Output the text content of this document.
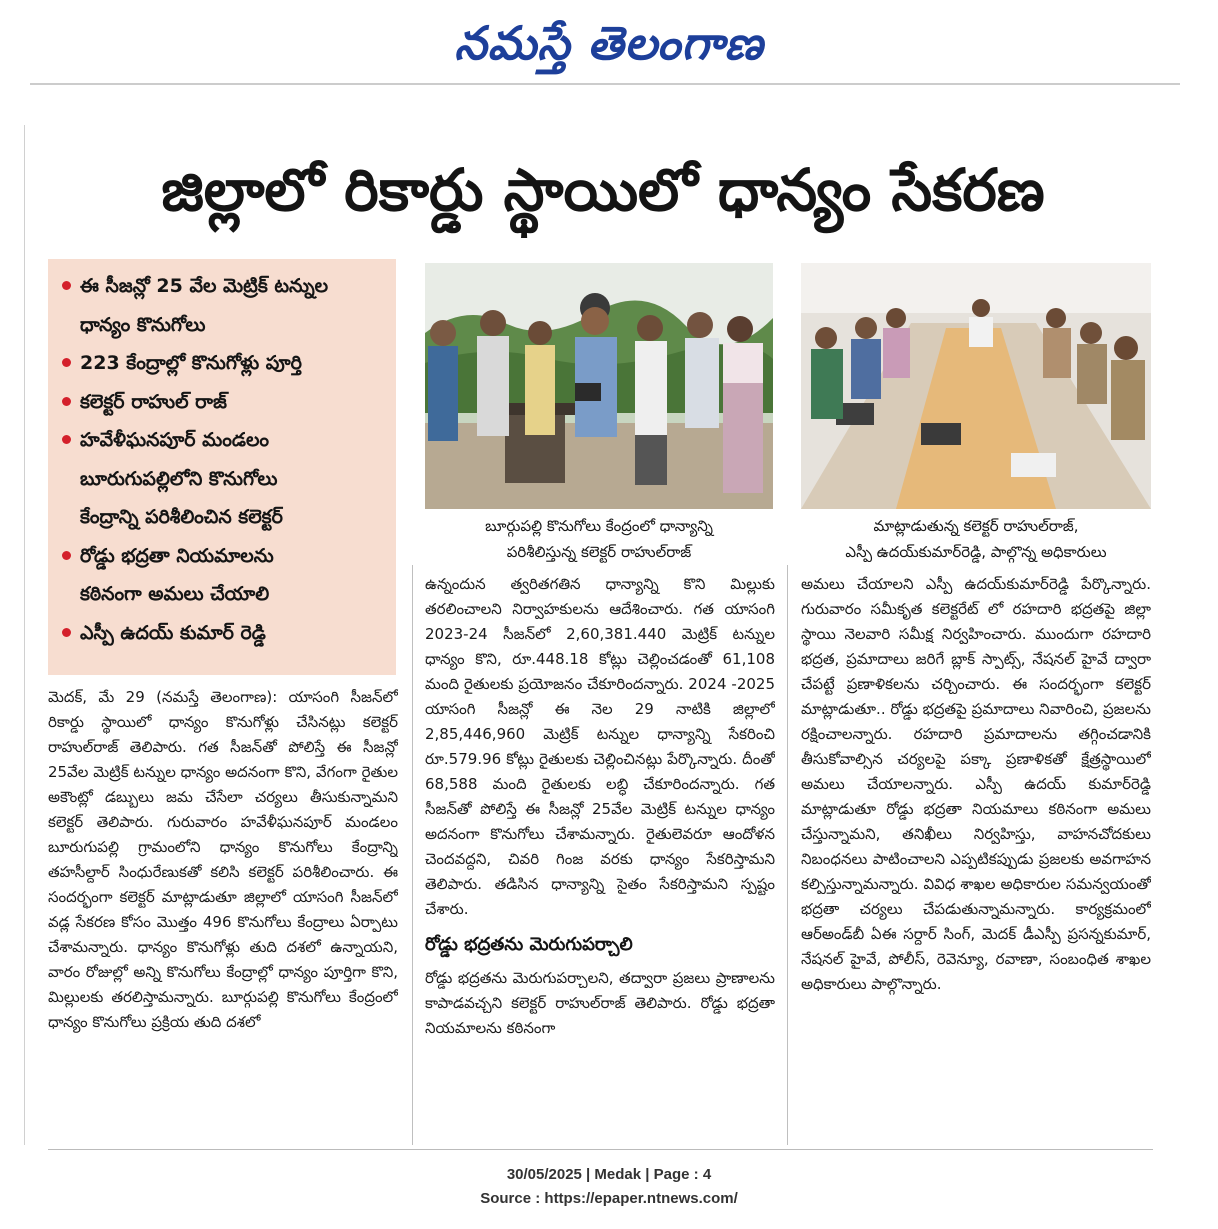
నమస్తే తెలంగాణ
జిల్లాలో రికార్డు స్థాయిలో ధాన్యం సేకరణ
ఈ సీజన్లో 25 వేల మెట్రిక్ టన్నుల
ధాన్యం కొనుగోలు
223 కేంద్రాల్లో కొనుగోళ్లు పూర్తి
కలెక్టర్ రాహుల్ రాజ్
హవేళీఘనపూర్ మండలం
బూరుగుపల్లిలోని కొనుగోలు
కేంద్రాన్ని పరిశీలించిన కలెక్టర్
రోడ్డు భద్రతా నియమాలను
కఠినంగా అమలు చేయాలి
ఎస్పీ ఉదయ్ కుమార్ రెడ్డి
బూర్గుపల్లి కొనుగోలు కేంద్రంలో ధాన్యాన్ని
పరిశీలిస్తున్న కలెక్టర్ రాహుల్‌రాజ్
మాట్లాడుతున్న కలెక్టర్ రాహుల్‌రాజ్,
ఎస్పీ ఉదయ్‌కుమార్‌రెడ్డి, పాల్గొన్న అధికారులు

మెదక్, మే 29 (నమస్తే తెలంగాణ): యాసంగి సీజన్‌లో రికార్డు స్థాయిలో ధాన్యం కొనుగోళ్లు చేసినట్లు కలెక్టర్ రాహుల్‌రాజ్ తెలిపారు. గత సీజన్‌తో పోలిస్తే ఈ సీజన్లో 25వేల మెట్రిక్ టన్నుల ధాన్యం అదనంగా కొని, వేగంగా రైతుల అకౌంట్లో డబ్బులు జమ చేసేలా చర్యలు తీసుకున్నామని కలెక్టర్ తెలిపారు. గురువారం హవేళీఘనపూర్ మండలం బూరుగుపల్లి గ్రామంలోని ధాన్యం కొనుగోలు కేంద్రాన్ని తహసీల్దార్ సింధురేణుకతో కలిసి కలెక్టర్ పరిశీలించారు. ఈ సందర్భంగా కలెక్టర్ మాట్లాడుతూ జిల్లాలో యాసంగి సీజన్‌లో వడ్ల సేకరణ కోసం మొత్తం 496 కొనుగోలు కేంద్రాలు ఏర్పాటు చేశామన్నారు. ధాన్యం కొనుగోళ్లు తుది దశలో ఉన్నాయని, వారం రోజుల్లో అన్ని కొనుగోలు కేంద్రాల్లో ధాన్యం పూర్తిగా కొని, మిల్లులకు తరలిస్తామన్నారు. బూర్గుపల్లి కొనుగోలు కేంద్రంలో ధాన్యం కొనుగోలు ప్రక్రియ తుది దశలో

ఉన్నందున త్వరితగతిన ధాన్యాన్ని కొని మిల్లుకు తరలించాలని నిర్వాహకులను ఆదేశించారు. గత యాసంగి 2023-24 సీజన్‌లో 2,60,381.440 మెట్రిక్ టన్నుల ధాన్యం కొని, రూ.448.18 కోట్లు చెల్లించడంతో 61,108 మంది రైతులకు ప్రయోజనం చేకూరిందన్నారు. 2024 -2025 యాసంగి సీజన్లో ఈ నెల 29 నాటికి జిల్లాలో 2,85,446,960 మెట్రిక్ టన్నుల ధాన్యాన్ని సేకరించి రూ.579.96 కోట్లు రైతులకు చెల్లించినట్లు పేర్కొన్నారు. దీంతో 68,588 మంది రైతులకు లబ్ధి చేకూరిందన్నారు. గత సీజన్‌తో పోలిస్తే ఈ సీజన్లో 25వేల మెట్రిక్ టన్నుల ధాన్యం అదనంగా కొనుగోలు చేశామన్నారు. రైతులెవరూ ఆందోళన చెందవద్దని, చివరి గింజ వరకు ధాన్యం సేకరిస్తామని తెలిపారు. తడిసిన ధాన్యాన్ని సైతం సేకరిస్తామని స్పష్టం చేశారు.

రోడ్డు భద్రతను మెరుగుపర్చాలి

రోడ్డు భద్రతను మెరుగుపర్చాలని, తద్వారా ప్రజలు ప్రాణాలను కాపాడవచ్చని కలెక్టర్ రాహుల్‌రాజ్ తెలిపారు. రోడ్డు భద్రతా నియమాలను కఠినంగా

అమలు చేయాలని ఎస్పీ ఉదయ్‌కుమార్‌రెడ్డి పేర్కొన్నారు. గురువారం సమీకృత కలెక్టరేట్ లో రహదారి భద్రతపై జిల్లా స్థాయి నెలవారి సమీక్ష నిర్వహించారు. ముందుగా రహదారి భద్రత, ప్రమాదాలు జరిగే బ్లాక్ స్పాట్స్, నేషనల్ హైవే ద్వారా చేపట్టే ప్రణాళికలను చర్చించారు. ఈ సందర్భంగా కలెక్టర్ మాట్లాడుతూ.. రోడ్డు భద్రతపై ప్రమాదాలు నివారించి, ప్రజలను రక్షించాలన్నారు. రహదారి ప్రమాదాలను తగ్గించడానికి తీసుకోవాల్సిన చర్యలపై పక్కా ప్రణాళికతో క్షేత్రస్థాయిలో అమలు చేయాలన్నారు. ఎస్పీ ఉదయ్ కుమార్‌రెడ్డి మాట్లాడుతూ రోడ్డు భద్రతా నియమాలు కఠినంగా అమలు చేస్తున్నామని, తనిఖీలు నిర్వహిస్తు, వాహనచోదకులు నిబంధనలు పాటించాలని ఎప్పటికప్పుడు ప్రజలకు అవగాహన కల్పిస్తున్నామన్నారు. వివిధ శాఖల అధికారుల సమన్వయంతో భద్రతా చర్యలు చేపడుతున్నామన్నారు. కార్యక్రమంలో ఆర్‌అండ్‌బీ ఏఈ సర్దార్ సింగ్, మెదక్ డీఎస్పీ ప్రసన్నకుమార్, నేషనల్ హైవే, పోలీస్, రెవెన్యూ, రవాణా, సంబంధిత శాఖల అధికారులు పాల్గొన్నారు.

30/05/2025 | Medak | Page : 4
Source : https://epaper.ntnews.com/
